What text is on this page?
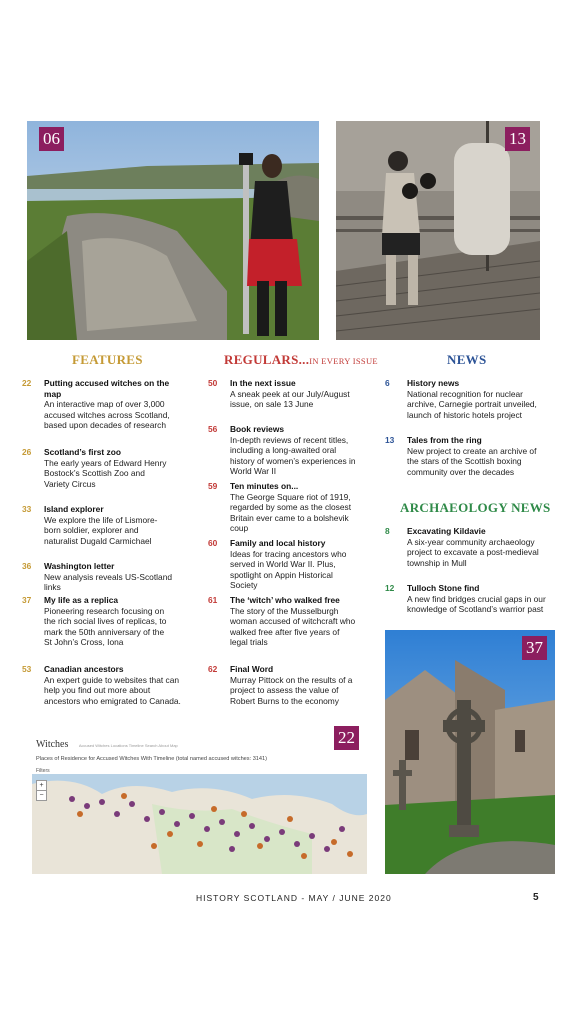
06	13
FEATURES	REGULARS...IN EVERY ISSUE	NEWS
ARCHAEOLOGY NEWS
22 Putting accused witches on the map
An interactive map of over 3,000 accused witches across Scotland, based upon decades of research
26 Scotland’s first zoo
The early years of Edward Henry Bostock’s Scottish Zoo and Variety Circus
33 Island explorer
We explore the life of Lismore-born soldier, explorer and naturalist Dugald Carmichael
36 Washington letter
New analysis reveals US-Scotland links
37 My life as a replica
Pioneering research focusing on the rich social lives of replicas, to mark the 50th anniversary of the St John’s Cross, Iona
53 Canadian ancestors
An expert guide to websites that can help you find out more about ancestors who emigrated to Canada.
50 In the next issue
A sneak peek at our July/August issue, on sale 13 June
56 Book reviews
In-depth reviews of recent titles, including a long-awaited oral history of women’s experiences in World War II
59 Ten minutes on...
The George Square riot of 1919, regarded by some as the closest Britain ever came to a bolshevik coup
60 Family and local history
Ideas for tracing ancestors who served in World War II. Plus, spotlight on Appin Historical Society
61 The ‘witch’ who walked free
The story of the Musselburgh woman accused of witchcraft who walked free after five years of legal trials
62 Final Word
Murray Pittock on the results of a project to assess the value of Robert Burns to the economy
6 History news
National recognition for nuclear archive, Carnegie portrait unveiled, launch of historic hotels project
13 Tales from the ring
New project to create an archive of the stars of the Scottish boxing community over the decades
8 Excavating Kildavie
A six-year community archaeology project to excavate a post-medieval township in Mull
12 Tulloch Stone find
A new find bridges crucial gaps in our knowledge of Scotland’s warrior past
37
Witches	Accused Witches Locations Timeline Search About Map
Places of Residence for Accused Witches With Timeline (total named accused witches: 3141)
Filters
+
−
22
HISTORY SCOTLAND - MAY / JUNE 2020	5
